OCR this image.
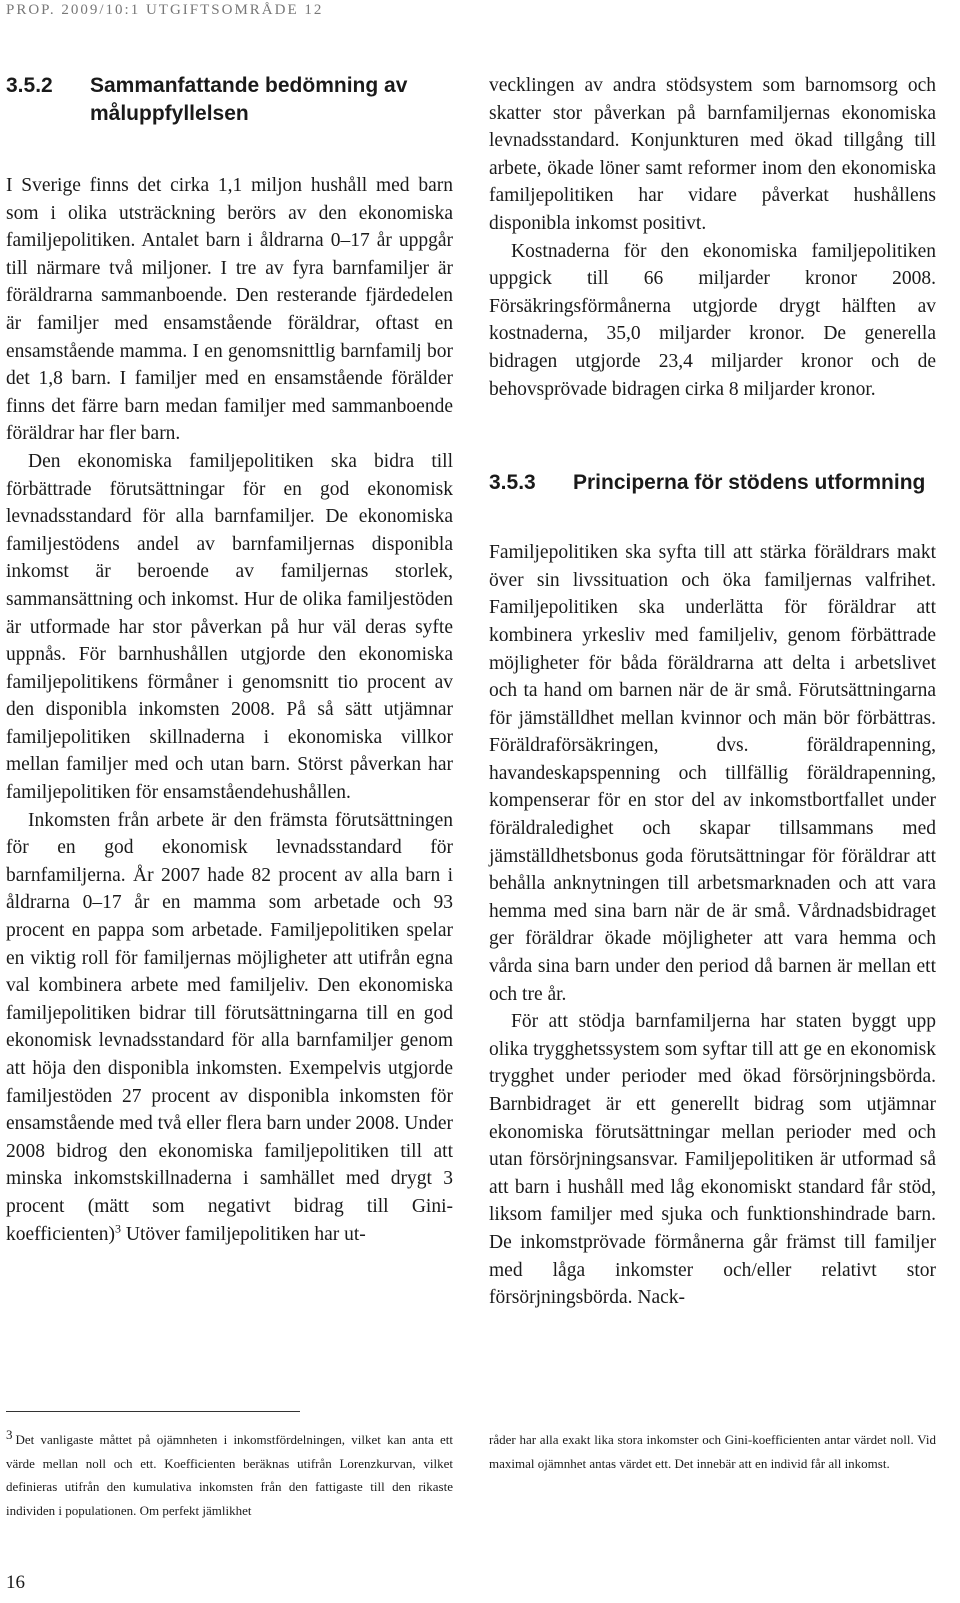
PROP. 2009/10:1 UTGIFTSOMRÅDE 12
3.5.2	Sammanfattande bedömning av måluppfyllelsen

I Sverige finns det cirka 1,1 miljon hushåll med barn som i olika utsträckning berörs av den ekonomiska familjepolitiken. Antalet barn i åldrarna 0–17 år uppgår till närmare två miljoner. I tre av fyra barnfamiljer är föräldrarna sammanboende. Den resterande fjärdedelen är familjer med ensamstående föräldrar, oftast en ensamstående mamma. I en genomsnittlig barnfamilj bor det 1,8 barn. I familjer med en ensamstående förälder finns det färre barn medan familjer med sammanboende föräldrar har fler barn.

Den ekonomiska familjepolitiken ska bidra till förbättrade förutsättningar för en god ekonomisk levnadsstandard för alla barnfamiljer. De ekonomiska familjestödens andel av barnfamiljernas disponibla inkomst är beroende av familjernas storlek, sammansättning och inkomst. Hur de olika familjestöden är utformade har stor påverkan på hur väl deras syfte uppnås. För barnhushållen utgjorde den ekonomiska familjepolitikens förmåner i genomsnitt tio procent av den disponibla inkomsten 2008. På så sätt utjämnar familjepolitiken skillnaderna i ekonomiska villkor mellan familjer med och utan barn. Störst påverkan har familjepolitiken för ensamståendehushållen.

Inkomsten från arbete är den främsta förutsättningen för en god ekonomisk levnadsstandard för barnfamiljerna. År 2007 hade 82 procent av alla barn i åldrarna 0–17 år en mamma som arbetade och 93 procent en pappa som arbetade. Familjepolitiken spelar en viktig roll för familjernas möjligheter att utifrån egna val kombinera arbete med familjeliv. Den ekonomiska familjepolitiken bidrar till förutsättningarna till en god ekonomisk levnadsstandard för alla barnfamiljer genom att höja den disponibla inkomsten. Exempelvis utgjorde familjestöden 27 procent av disponibla inkomsten för ensamstående med två eller flera barn under 2008. Under 2008 bidrog den ekonomiska familjepolitiken till att minska inkomstskillnaderna i samhället med drygt 3 procent (mätt som negativt bidrag till Gini-koefficienten)$^3$ Utöver familjepolitiken har ut-

vecklingen av andra stödsystem som barnomsorg och skatter stor påverkan på barnfamiljernas ekonomiska levnadsstandard. Konjunkturen med ökad tillgång till arbete, ökade löner samt reformer inom den ekonomiska familjepolitiken har vidare påverkat hushållens disponibla inkomst positivt.

Kostnaderna för den ekonomiska familjepolitiken uppgick till 66 miljarder kronor 2008. Försäkringsförmånerna utgjorde drygt hälften av kostnaderna, 35,0 miljarder kronor. De generella bidragen utgjorde 23,4 miljarder kronor och de behovsprövade bidragen cirka 8 miljarder kronor.

3.5.3	Principerna för stödens utformning

Familjepolitiken ska syfta till att stärka föräldrars makt över sin livssituation och öka familjernas valfrihet. Familjepolitiken ska underlätta för föräldrar att kombinera yrkesliv med familjeliv, genom förbättrade möjligheter för båda föräldrarna att delta i arbetslivet och ta hand om barnen när de är små. Förutsättningarna för jämställdhet mellan kvinnor och män bör förbättras. Föräldraförsäkringen, dvs. föräldrapenning, havandeskapspenning och tillfällig föräldrapenning, kompenserar för en stor del av inkomstbortfallet under föräldraledighet och skapar tillsammans med jämställdhetsbonus goda förutsättningar för föräldrar att behålla anknytningen till arbetsmarknaden och att vara hemma med sina barn när de är små. Vårdnadsbidraget ger föräldrar ökade möjligheter att vara hemma och vårda sina barn under den period då barnen är mellan ett och tre år.

För att stödja barnfamiljerna har staten byggt upp olika trygghetssystem som syftar till att ge en ekonomisk trygghet under perioder med ökad försörjningsbörda. Barnbidraget är ett generellt bidrag som utjämnar ekonomiska förutsättningar mellan perioder med och utan försörjningsansvar. Familjepolitiken är utformad så att barn i hushåll med låg ekonomiskt standard får stöd, liksom familjer med sjuka och funktionshindrade barn. De inkomstprövade förmånerna går främst till familjer med låga inkomster och/eller relativt stor försörjningsbörda. Nack-

3 Det vanligaste måttet på ojämnheten i inkomstfördelningen, vilket kan anta ett värde mellan noll och ett. Koefficienten beräknas utifrån Lorenzkurvan, vilket definieras utifrån den kumulativa inkomsten från den fattigaste till den rikaste individen i populationen. Om perfekt jämlikhet

råder har alla exakt lika stora inkomster och Gini-koefficienten antar värdet noll. Vid maximal ojämnhet antas värdet ett. Det innebär att en individ får all inkomst.

16
